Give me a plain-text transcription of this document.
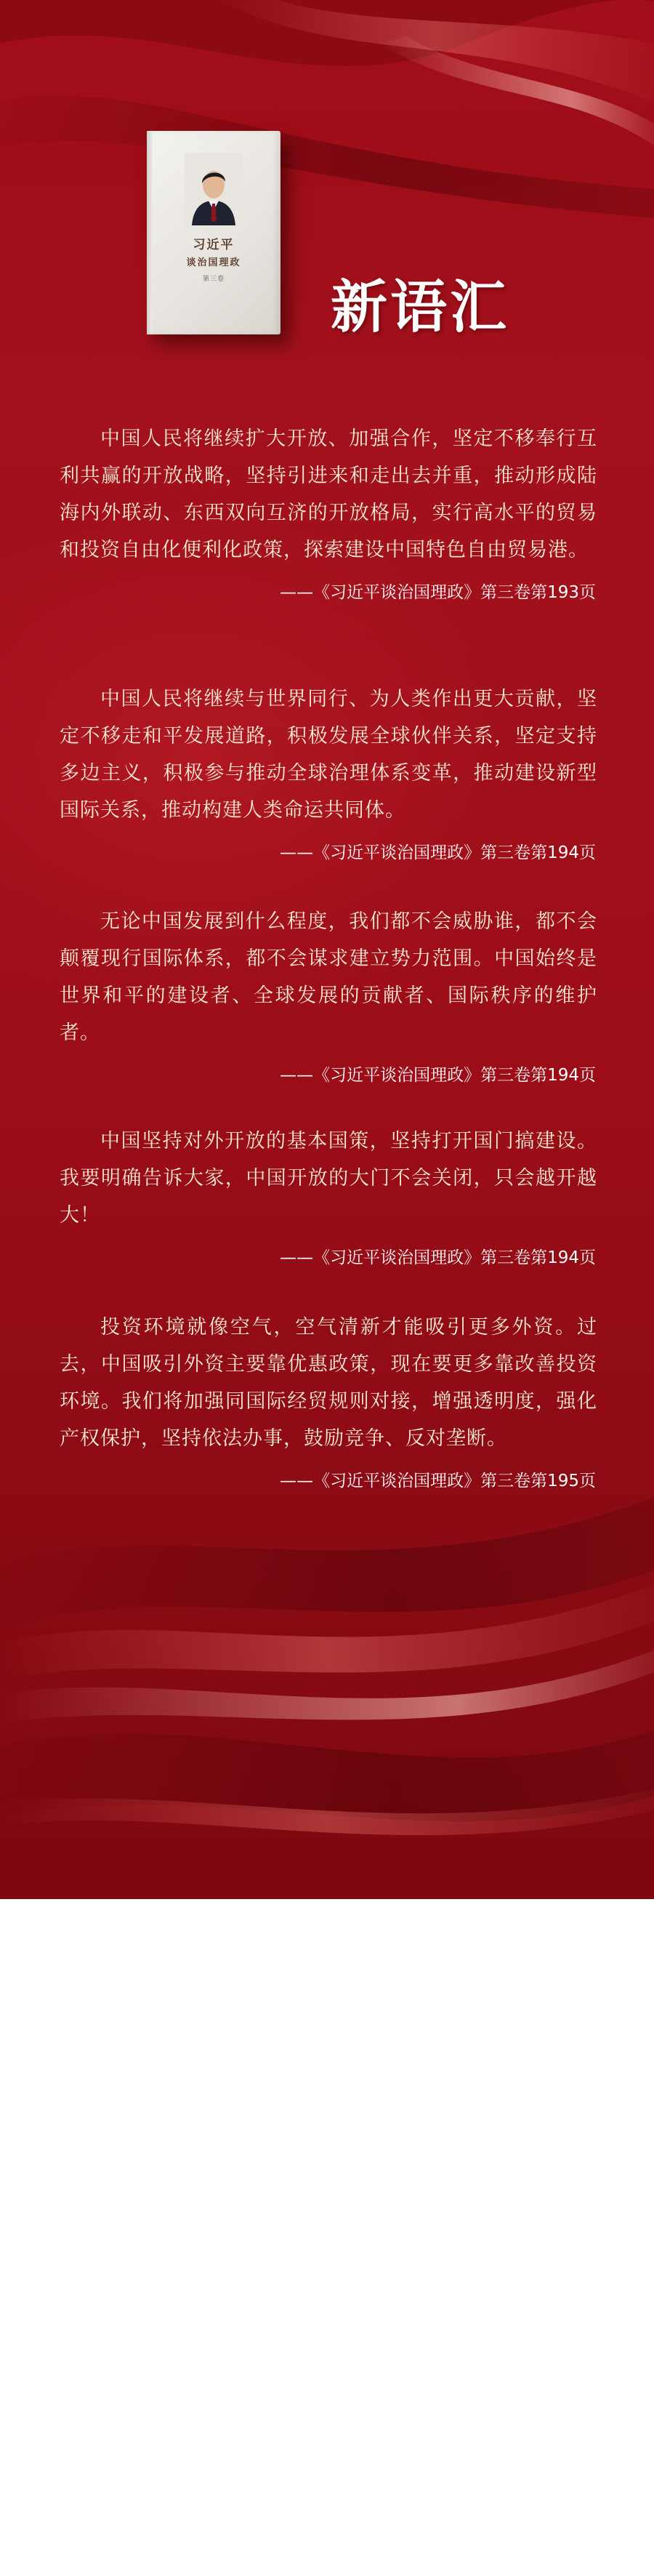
习近平
谈治国理政
第三卷	新语汇

中国人民将继续扩大开放、加强合作，坚定不移奉行互利共赢的开放战略，坚持引进来和走出去并重，推动形成陆海内外联动、东西双向互济的开放格局，实行高水平的贸易和投资自由化便利化政策，探索建设中国特色自由贸易港。

——《习近平谈治国理政》第三卷第193页

中国人民将继续与世界同行、为人类作出更大贡献，坚定不移走和平发展道路，积极发展全球伙伴关系，坚定支持多边主义，积极参与推动全球治理体系变革，推动建设新型国际关系，推动构建人类命运共同体。

——《习近平谈治国理政》第三卷第194页

无论中国发展到什么程度，我们都不会威胁谁，都不会颠覆现行国际体系，都不会谋求建立势力范围。中国始终是世界和平的建设者、全球发展的贡献者、国际秩序的维护者。

——《习近平谈治国理政》第三卷第194页

中国坚持对外开放的基本国策，坚持打开国门搞建设。我要明确告诉大家，中国开放的大门不会关闭，只会越开越大！

——《习近平谈治国理政》第三卷第194页

投资环境就像空气，空气清新才能吸引更多外资。过去，中国吸引外资主要靠优惠政策，现在要更多靠改善投资环境。我们将加强同国际经贸规则对接，增强透明度，强化产权保护，坚持依法办事，鼓励竞争、反对垄断。

——《习近平谈治国理政》第三卷第195页
